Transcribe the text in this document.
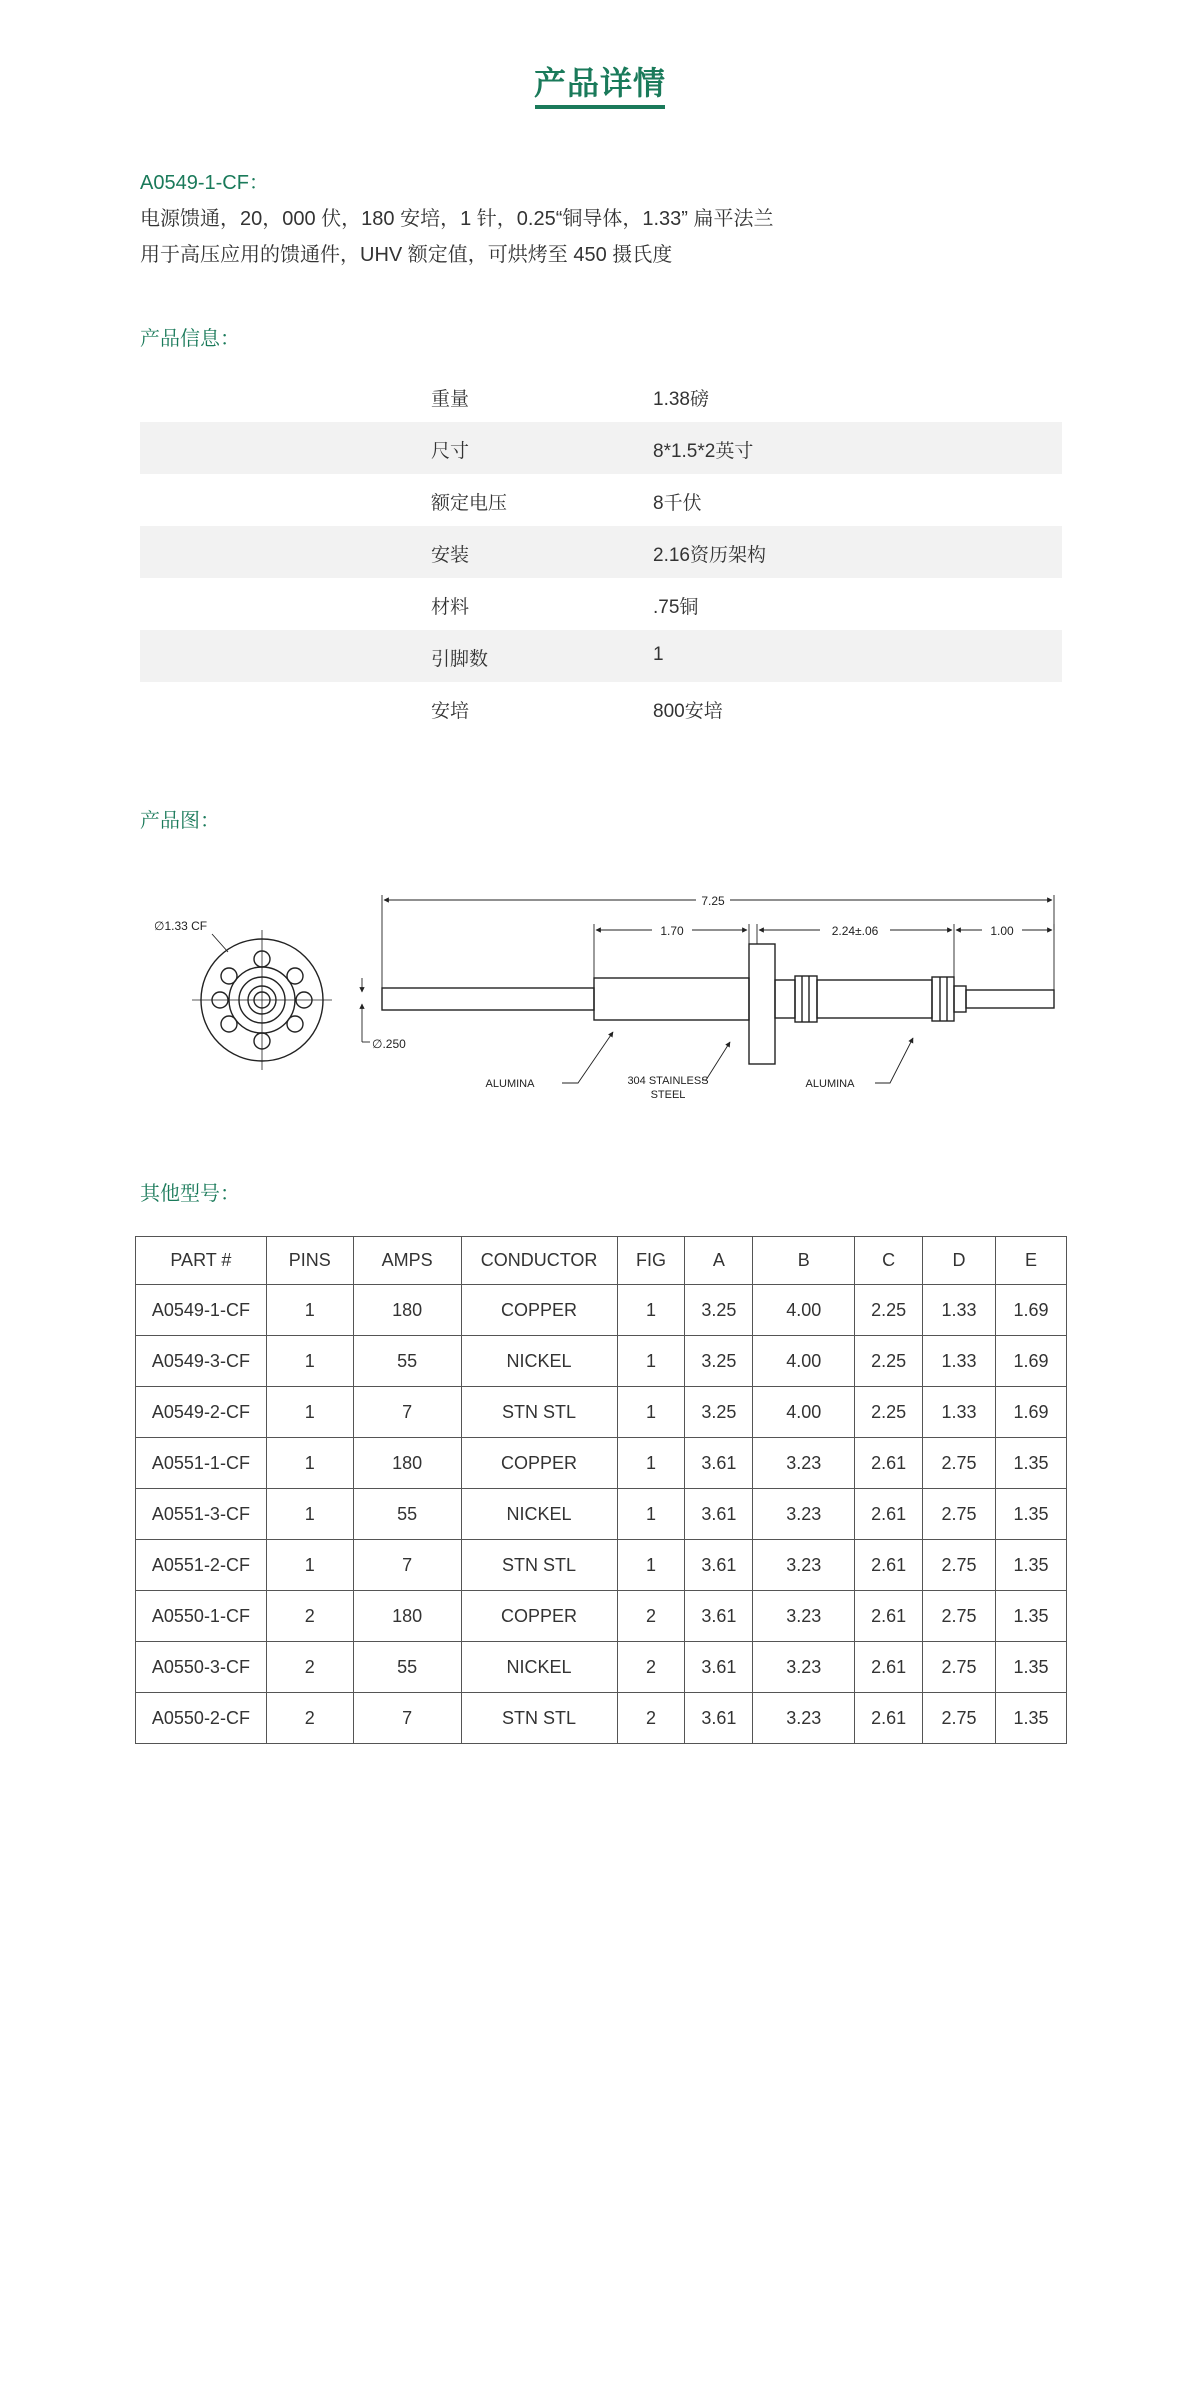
产品详情
A0549-1-CF：
电源馈通，20，000 伏，180 安培，1 针，0.25“铜导体，1.33” 扁平法兰
用于高压应用的馈通件，UHV 额定值，可烘烤至 450 摄氏度
产品信息：
重量	1.38磅
尺寸	8*1.5*2英寸
额定电压	8千伏
安装	2.16资历架构
材料	.75铜
引脚数	1
安培	800安培
产品图：
∅1.33 CF
∅.250
7.25
1.70	2.24±.06	1.00
ALUMINA	304 STAINLESS
STEEL
ALUMINA
其他型号：
PART #	PINS	AMPS	CONDUCTOR	FIG	A	B	C	D	E
A0549-1-CF	1	180	COPPER	1	3.25	4.00	2.25	1.33	1.69
A0549-3-CF	1	55	NICKEL	1	3.25	4.00	2.25	1.33	1.69
A0549-2-CF	1	7	STN STL	1	3.25	4.00	2.25	1.33	1.69
A0551-1-CF	1	180	COPPER	1	3.61	3.23	2.61	2.75	1.35
A0551-3-CF	1	55	NICKEL	1	3.61	3.23	2.61	2.75	1.35
A0551-2-CF	1	7	STN STL	1	3.61	3.23	2.61	2.75	1.35
A0550-1-CF	2	180	COPPER	2	3.61	3.23	2.61	2.75	1.35
A0550-3-CF	2	55	NICKEL	2	3.61	3.23	2.61	2.75	1.35
A0550-2-CF	2	7	STN STL	2	3.61	3.23	2.61	2.75	1.35
